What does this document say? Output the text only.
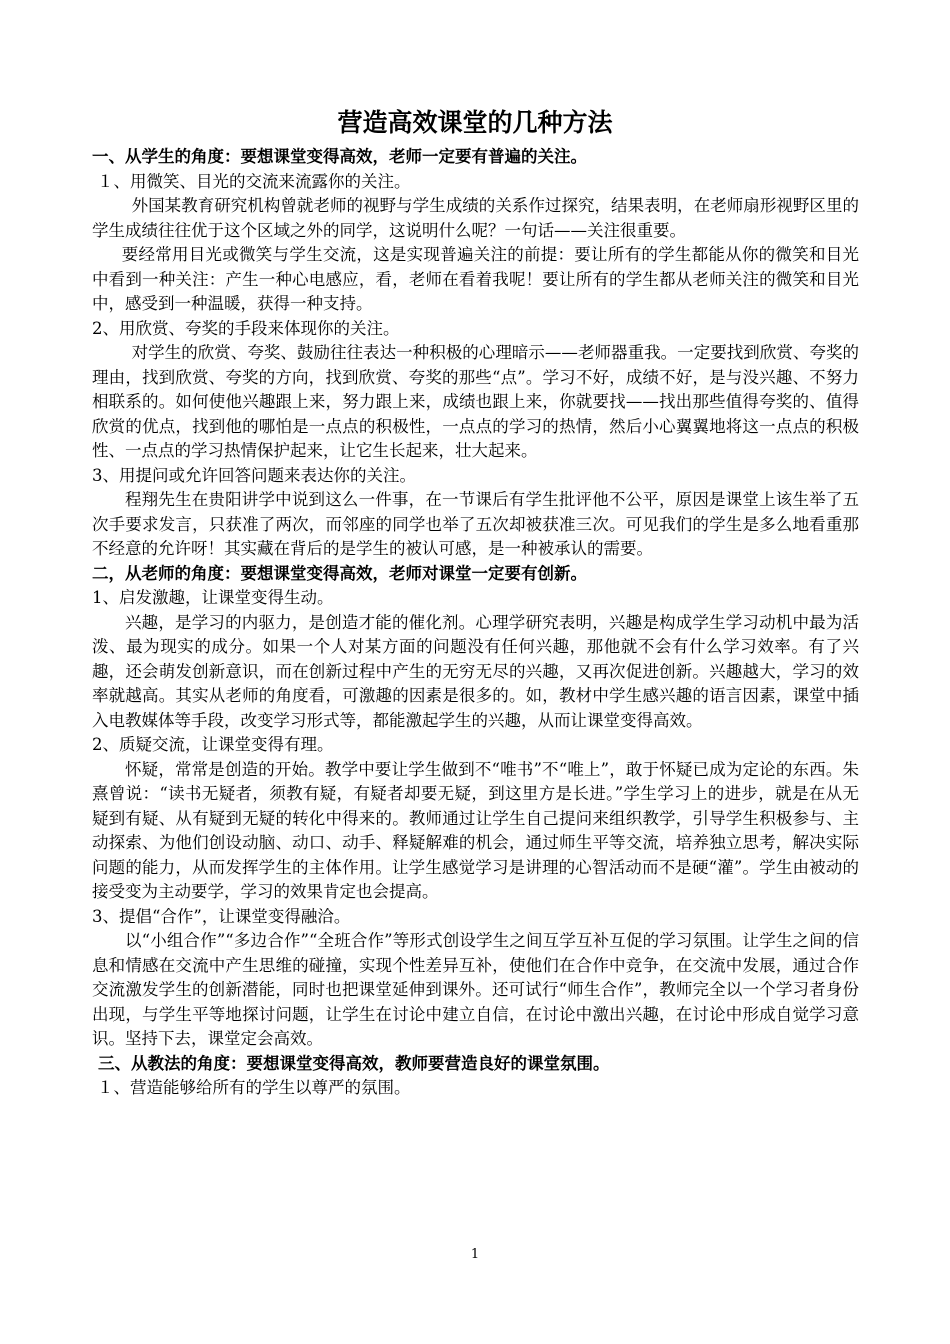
营造高效课堂的几种方法

一、从学生的角度：要想课堂变得高效，老师一定要有普遍的关注。

１、用微笑、目光的交流来流露你的关注。

外国某教育研究机构曾就老师的视野与学生成绩的关系作过探究，结果表明，在老师扇形视野区里的学生成绩往往优于这个区域之外的同学，这说明什么呢？一句话——关注很重要。

要经常用目光或微笑与学生交流，这是实现普遍关注的前提：要让所有的学生都能从你的微笑和目光中看到一种关注：产生一种心电感应，看，老师在看着我呢！要让所有的学生都从老师关注的微笑和目光中，感受到一种温暖，获得一种支持。

2、用欣赏、夸奖的手段来体现你的关注。

对学生的欣赏、夸奖、鼓励往往表达一种积极的心理暗示——老师器重我。一定要找到欣赏、夸奖的理由，找到欣赏、夸奖的方向，找到欣赏、夸奖的那些“点”。学习不好，成绩不好，是与没兴趣、不努力相联系的。如何使他兴趣跟上来，努力跟上来，成绩也跟上来，你就要找——找出那些值得夸奖的、值得欣赏的优点，找到他的哪怕是一点点的积极性，一点点的学习的热情，然后小心翼翼地将这一点点的积极性、一点点的学习热情保护起来，让它生长起来，壮大起来。

3、用提问或允许回答问题来表达你的关注。

程翔先生在贵阳讲学中说到这么一件事，在一节课后有学生批评他不公平，原因是课堂上该生举了五次手要求发言，只获准了两次，而邻座的同学也举了五次却被获准三次。可见我们的学生是多么地看重那不经意的允许呀！其实藏在背后的是学生的被认可感，是一种被承认的需要。

二，从老师的角度：要想课堂变得高效，老师对课堂一定要有创新。

1、启发激趣，让课堂变得生动。

兴趣，是学习的内驱力，是创造才能的催化剂。心理学研究表明，兴趣是构成学生学习动机中最为活泼、最为现实的成分。如果一个人对某方面的问题没有任何兴趣，那他就不会有什么学习效率。有了兴趣，还会萌发创新意识，而在创新过程中产生的无穷无尽的兴趣，又再次促进创新。兴趣越大，学习的效率就越高。其实从老师的角度看，可激趣的因素是很多的。如，教材中学生感兴趣的语言因素，课堂中插入电教媒体等手段，改变学习形式等，都能激起学生的兴趣，从而让课堂变得高效。

2、质疑交流，让课堂变得有理。

怀疑，常常是创造的开始。教学中要让学生做到不“唯书”不“唯上”，敢于怀疑已成为定论的东西。朱熹曾说：“读书无疑者，须教有疑，有疑者却要无疑，到这里方是长进。”学生学习上的进步，就是在从无疑到有疑、从有疑到无疑的转化中得来的。教师通过让学生自己提问来组织教学，引导学生积极参与、主动探索、为他们创设动脑、动口、动手、释疑解难的机会，通过师生平等交流，培养独立思考，解决实际问题的能力，从而发挥学生的主体作用。让学生感觉学习是讲理的心智活动而不是硬“灌”。学生由被动的接受变为主动要学，学习的效果肯定也会提高。

3、提倡“合作”，让课堂变得融洽。

以“小组合作”“多边合作”“全班合作”等形式创设学生之间互学互补互促的学习氛围。让学生之间的信息和情感在交流中产生思维的碰撞，实现个性差异互补，使他们在合作中竞争，在交流中发展，通过合作交流激发学生的创新潜能，同时也把课堂延伸到课外。还可试行“师生合作”，教师完全以一个学习者身份出现，与学生平等地探讨问题，让学生在讨论中建立自信，在讨论中激出兴趣，在讨论中形成自觉学习意识。坚持下去，课堂定会高效。

三、从教法的角度：要想课堂变得高效，教师要营造良好的课堂氛围。

１、营造能够给所有的学生以尊严的氛围。

1
